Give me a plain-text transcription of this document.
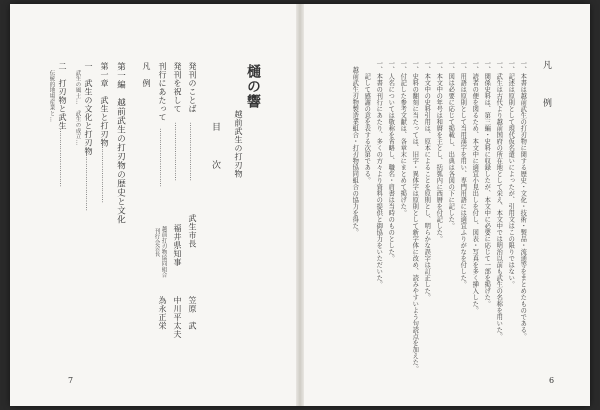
樋の響
越前武生の打刃物
目　次
発刊のことば
………………………
武生市長
笠原　武
発刊を祝して
………………………
福井県知事
中川平太夫
刊行にあたって
………………………
越前打刃物協同組合
刊行会会長
為永正栄
凡　例
第一編　越前武生の打刃物の歴史と文化
第一章　武生と打刃物
………………………
一　武生の文化と打刃物
………………………
武生の風土…　武生の成立…
二　打刃物と武生
………………………
伝統的地場産業と…
7
凡　例
一、本書は越前武生の打刃物に関する歴史・文化・技術・製品・流通等をまとめたものである。
一、記述は原則として現代仮名遣いによったが、引用文はこの限りではない。
一、武生は古代より越前国府の所在地として栄え、本文中では明治以前も武生の名称を用いた。
一、関係史料は、第三編・史料に収録したが、本文中に必要に応じて一部を掲げた。
一、読者の便を図るため、本文中に適宜小見出しを付し、図表・写真を多く挿入した。
一、用語は原則として当用漢字を用い、専門用語には適宜ふりがなを付した。
一、図は必要に応じて掲載し、出典は各図の下に記した。
一、本文中の年号は和暦を主とし、括弧内に西暦を付記した。
一、本文中の史料引用は、原本によることを原則とし、明らかな誤字は訂正した。
一、史料の翻刻に当たっては、旧字・異体字は原則として新字体に改め、読みやすいよう句読点を加えた。
一、付記した参考文献は、各章末にまとめて掲げた。
一、人名については敬称を省略し、職名・肩書は当時のものとした。
一、本書の刊行にあたり、多くの方々より資料の提供と御協力をいただいた。
　　記して感謝の意を表する次第である。
　越前武生刃物製造業組合・打刃物協同組合の協力を得た。
6
